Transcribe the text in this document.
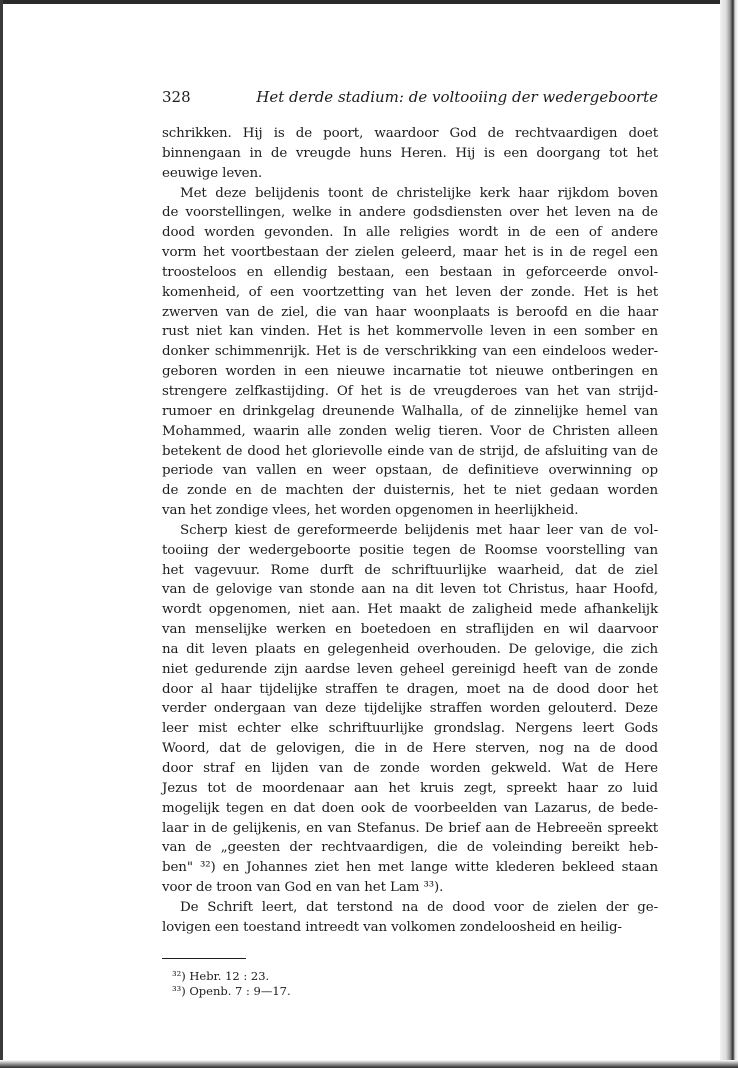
328	Het derde stadium: de voltooiing der wedergeboorte
schrikken. Hij is de poort, waardoor God de rechtvaardigen doet
binnengaan in de vreugde huns Heren. Hij is een doorgang tot het
eeuwige leven.
Met deze belijdenis toont de christelijke kerk haar rijkdom boven
de voorstellingen, welke in andere godsdiensten over het leven na de
dood worden gevonden. In alle religies wordt in de een of andere
vorm het voortbestaan der zielen geleerd, maar het is in de regel een
troosteloos en ellendig bestaan, een bestaan in geforceerde onvol-
komenheid, of een voortzetting van het leven der zonde. Het is het
zwerven van de ziel, die van haar woonplaats is beroofd en die haar
rust niet kan vinden. Het is het kommervolle leven in een somber en
donker schimmenrijk. Het is de verschrikking van een eindeloos weder-
geboren worden in een nieuwe incarnatie tot nieuwe ontberingen en
strengere zelfkastijding. Of het is de vreugderoes van het van strijd-
rumoer en drinkgelag dreunende Walhalla, of de zinnelijke hemel van
Mohammed, waarin alle zonden welig tieren. Voor de Christen alleen
betekent de dood het glorievolle einde van de strijd, de afsluiting van de
periode van vallen en weer opstaan, de definitieve overwinning op
de zonde en de machten der duisternis, het te niet gedaan worden
van het zondige vlees, het worden opgenomen in heerlijkheid.
Scherp kiest de gereformeerde belijdenis met haar leer van de vol-
tooiing der wedergeboorte positie tegen de Roomse voorstelling van
het vagevuur. Rome durft de schriftuurlijke waarheid, dat de ziel
van de gelovige van stonde aan na dit leven tot Christus, haar Hoofd,
wordt opgenomen, niet aan. Het maakt de zaligheid mede afhankelijk
van menselijke werken en boetedoen en straflijden en wil daarvoor
na dit leven plaats en gelegenheid overhouden. De gelovige, die zich
niet gedurende zijn aardse leven geheel gereinigd heeft van de zonde
door al haar tijdelijke straffen te dragen, moet na de dood door het
verder ondergaan van deze tijdelijke straffen worden gelouterd. Deze
leer mist echter elke schriftuurlijke grondslag. Nergens leert Gods
Woord, dat de gelovigen, die in de Here sterven, nog na de dood
door straf en lijden van de zonde worden gekweld. Wat de Here
Jezus tot de moordenaar aan het kruis zegt, spreekt haar zo luid
mogelijk tegen en dat doen ook de voorbeelden van Lazarus, de bede-
laar in de gelijkenis, en van Stefanus. De brief aan de Hebreeën spreekt
van de „geesten der rechtvaardigen, die de voleinding bereikt heb-
ben" ³²) en Johannes ziet hen met lange witte klederen bekleed staan
voor de troon van God en van het Lam ³³).
De Schrift leert, dat terstond na de dood voor de zielen der ge-
lovigen een toestand intreedt van volkomen zondeloosheid en heilig-
³²) Hebr. 12 : 23.
³³) Openb. 7 : 9—17.
